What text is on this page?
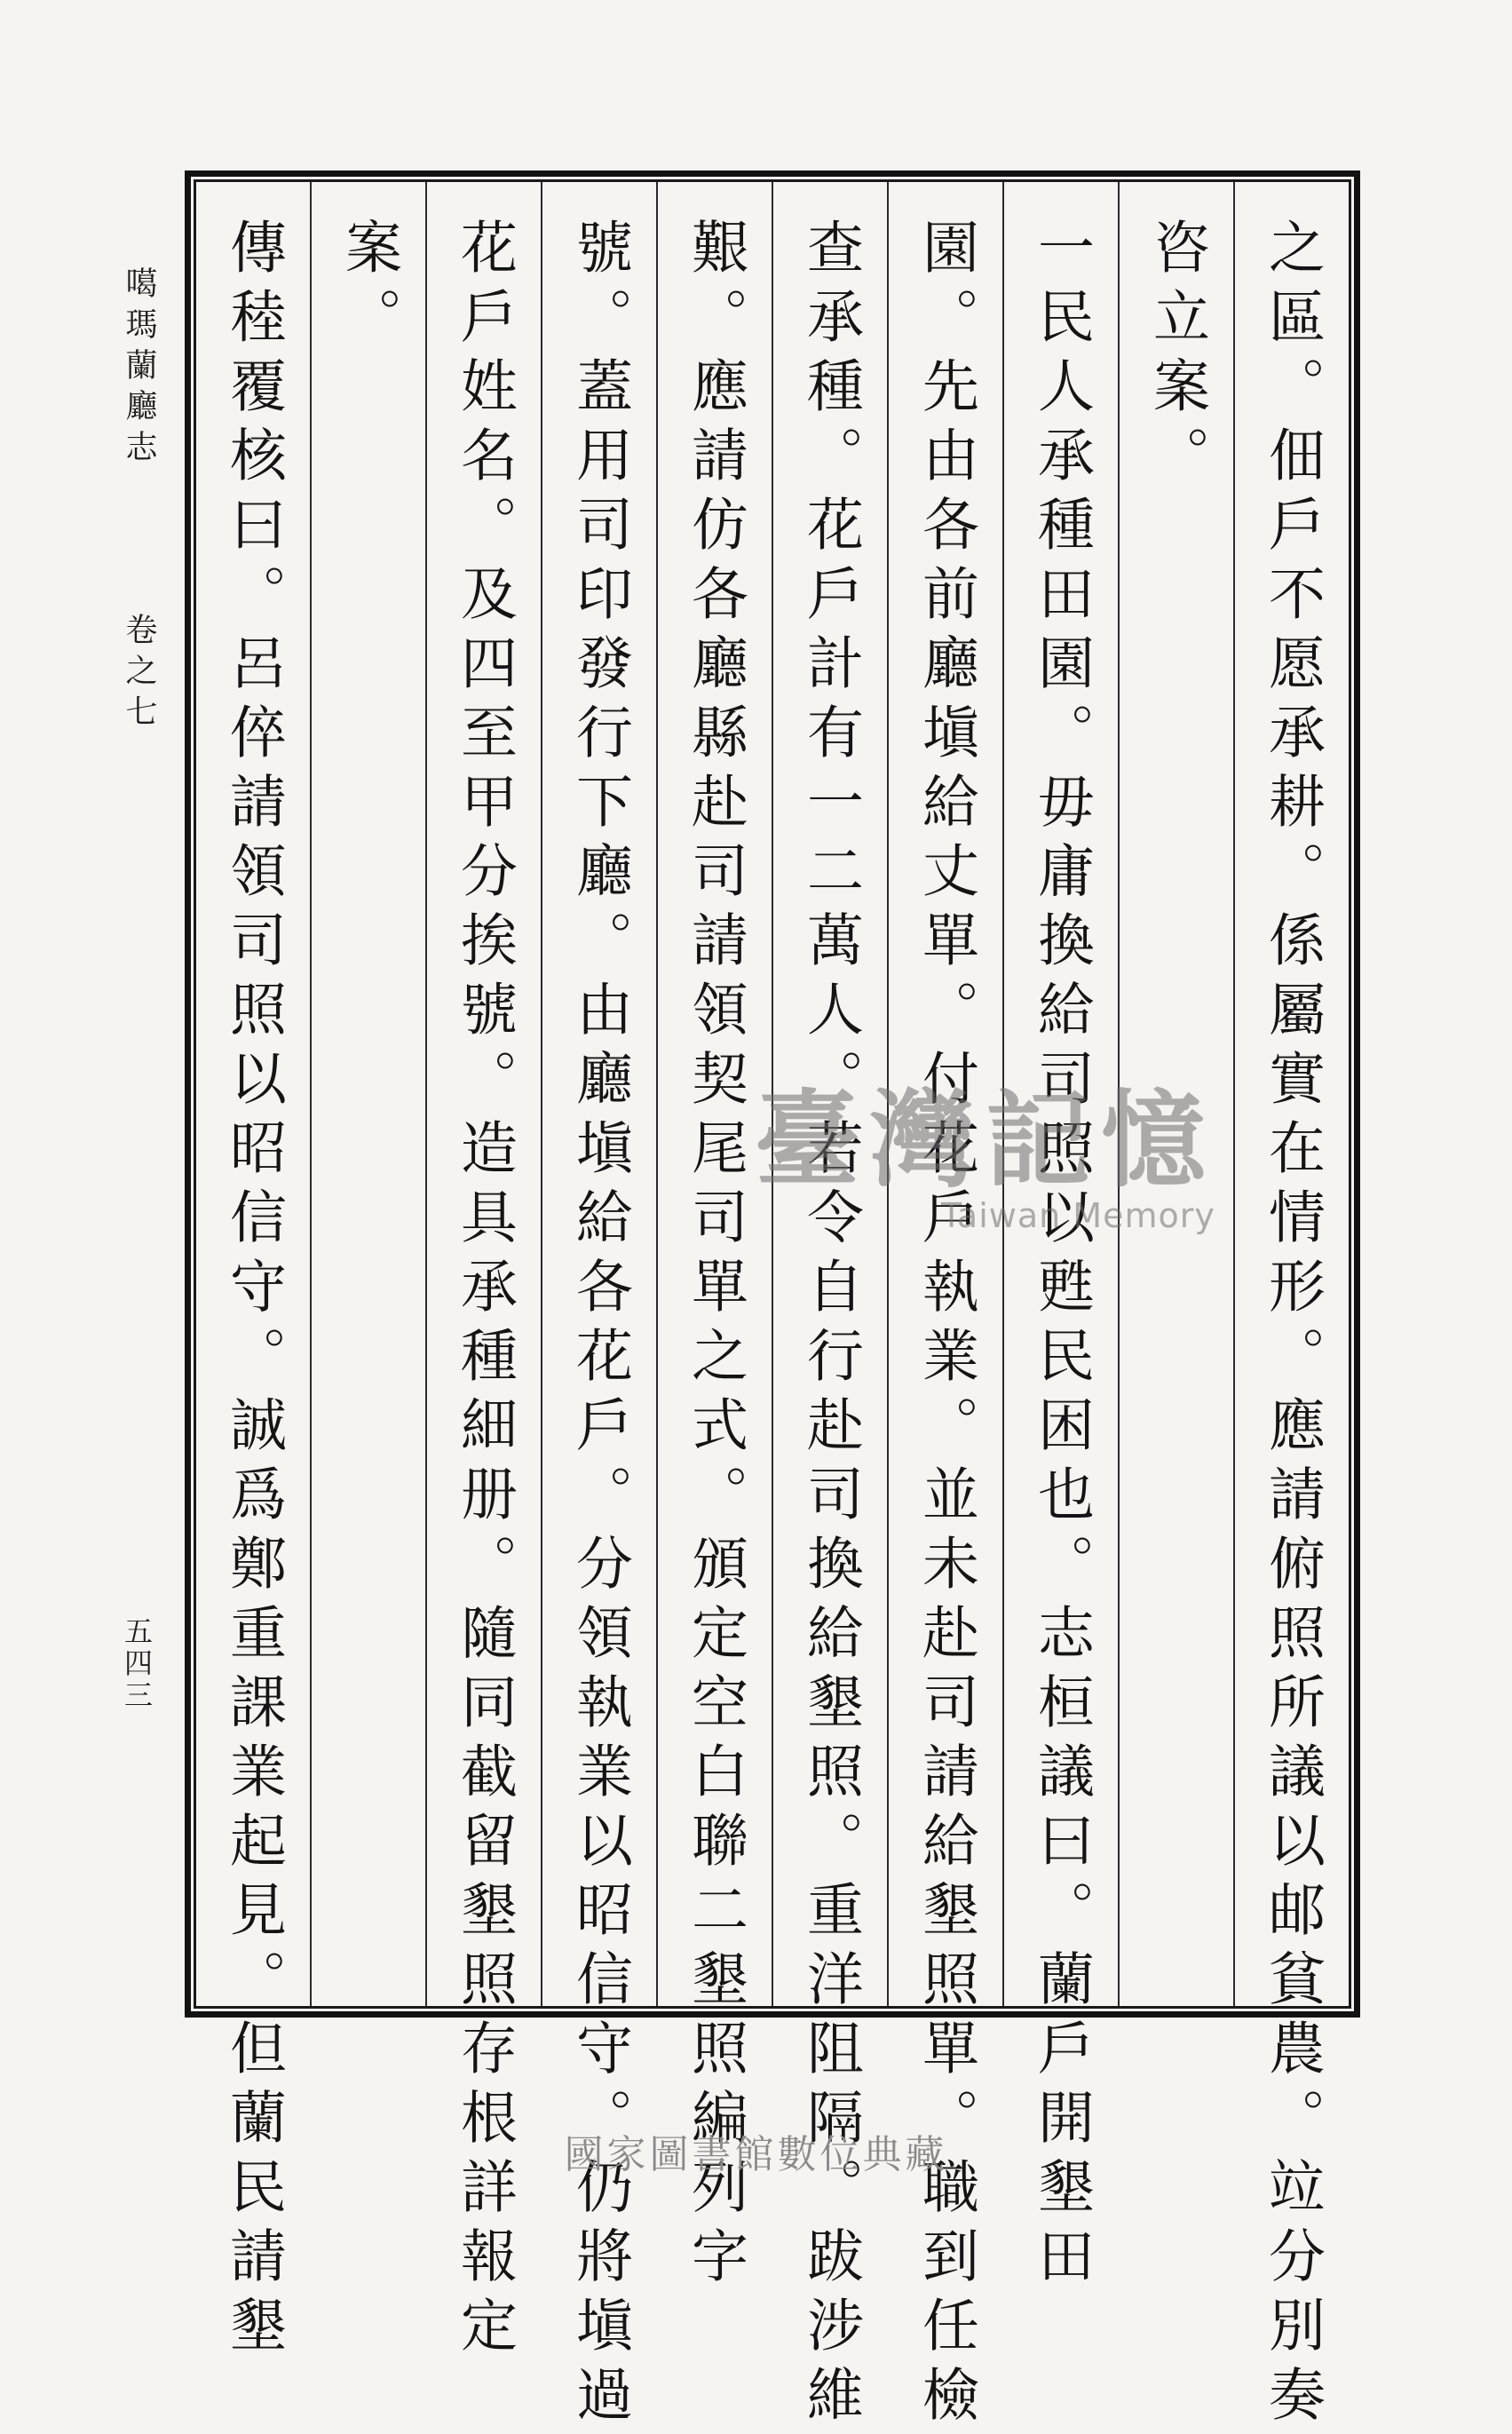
噶瑪蘭廳志
卷之七
五四三	之區。佃戶不愿承耕。係屬實在情形。應請俯照所議以邮貧農。竝分別奏
咨立案。
一民人承種田園。毋庸換給司照以甦民困也。志桓議曰。蘭戶開墾田
園。先由各前廳塡給丈單。付花戶執業。並未赴司請給墾照單。職到任檢
查承種。花戶計有一二萬人。若令自行赴司換給墾照。重洋阻隔。跋涉維
艱。應請仿各廳縣赴司請領契尾司單之式。頒定空白聯二墾照編列字
號。蓋用司印發行下廳。由廳塡給各花戶。分領執業以昭信守。仍將塡過
花戶姓名。及四至甲分挨號。造具承種細册。隨同截留墾照存根詳報定
案。
傳稑覆核曰。呂倅請領司照以昭信守。誠爲鄭重課業起見。但蘭民請墾	臺灣記憶
Taiwan Memory
國家圖書館數位典藏
